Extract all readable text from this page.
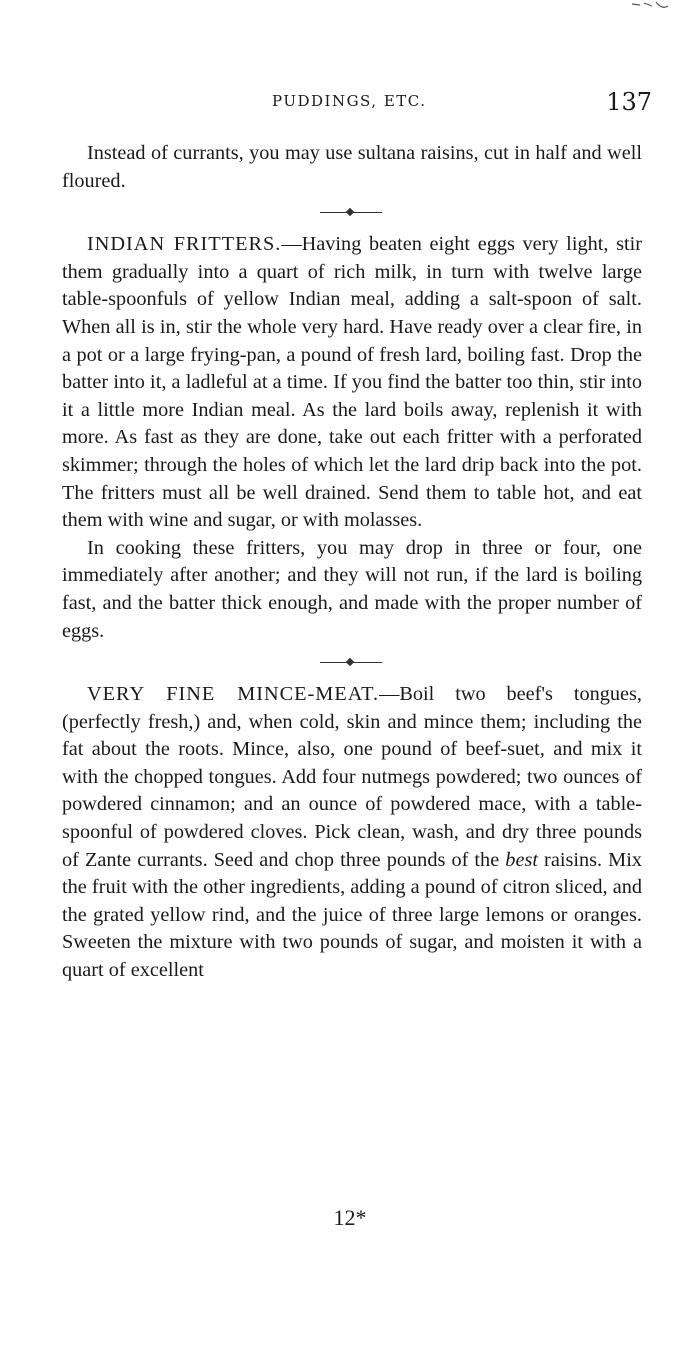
PUDDINGS, ETC.	137

Instead of currants, you may use sultana raisins, cut in half and well floured.

INDIAN FRITTERS.—Having beaten eight eggs very light, stir them gradually into a quart of rich milk, in turn with twelve large table-spoonfuls of yellow Indian meal, adding a salt-spoon of salt. When all is in, stir the whole very hard. Have ready over a clear fire, in a pot or a large frying-pan, a pound of fresh lard, boiling fast. Drop the batter into it, a ladleful at a time. If you find the batter too thin, stir into it a little more Indian meal. As the lard boils away, replenish it with more. As fast as they are done, take out each fritter with a perforated skimmer; through the holes of which let the lard drip back into the pot. The fritters must all be well drained. Send them to table hot, and eat them with wine and sugar, or with molasses.

In cooking these fritters, you may drop in three or four, one immediately after another; and they will not run, if the lard is boiling fast, and the batter thick enough, and made with the proper number of eggs.

VERY FINE MINCE-MEAT.—Boil two beef's tongues, (perfectly fresh,) and, when cold, skin and mince them; including the fat about the roots. Mince, also, one pound of beef-suet, and mix it with the chopped tongues. Add four nutmegs powdered; two ounces of powdered cinnamon; and an ounce of powdered mace, with a table-spoonful of powdered cloves. Pick clean, wash, and dry three pounds of Zante currants. Seed and chop three pounds of the best raisins. Mix the fruit with the other ingredients, adding a pound of citron sliced, and the grated yellow rind, and the juice of three large lemons or oranges. Sweeten the mixture with two pounds of sugar, and moisten it with a quart of excellent

12*
